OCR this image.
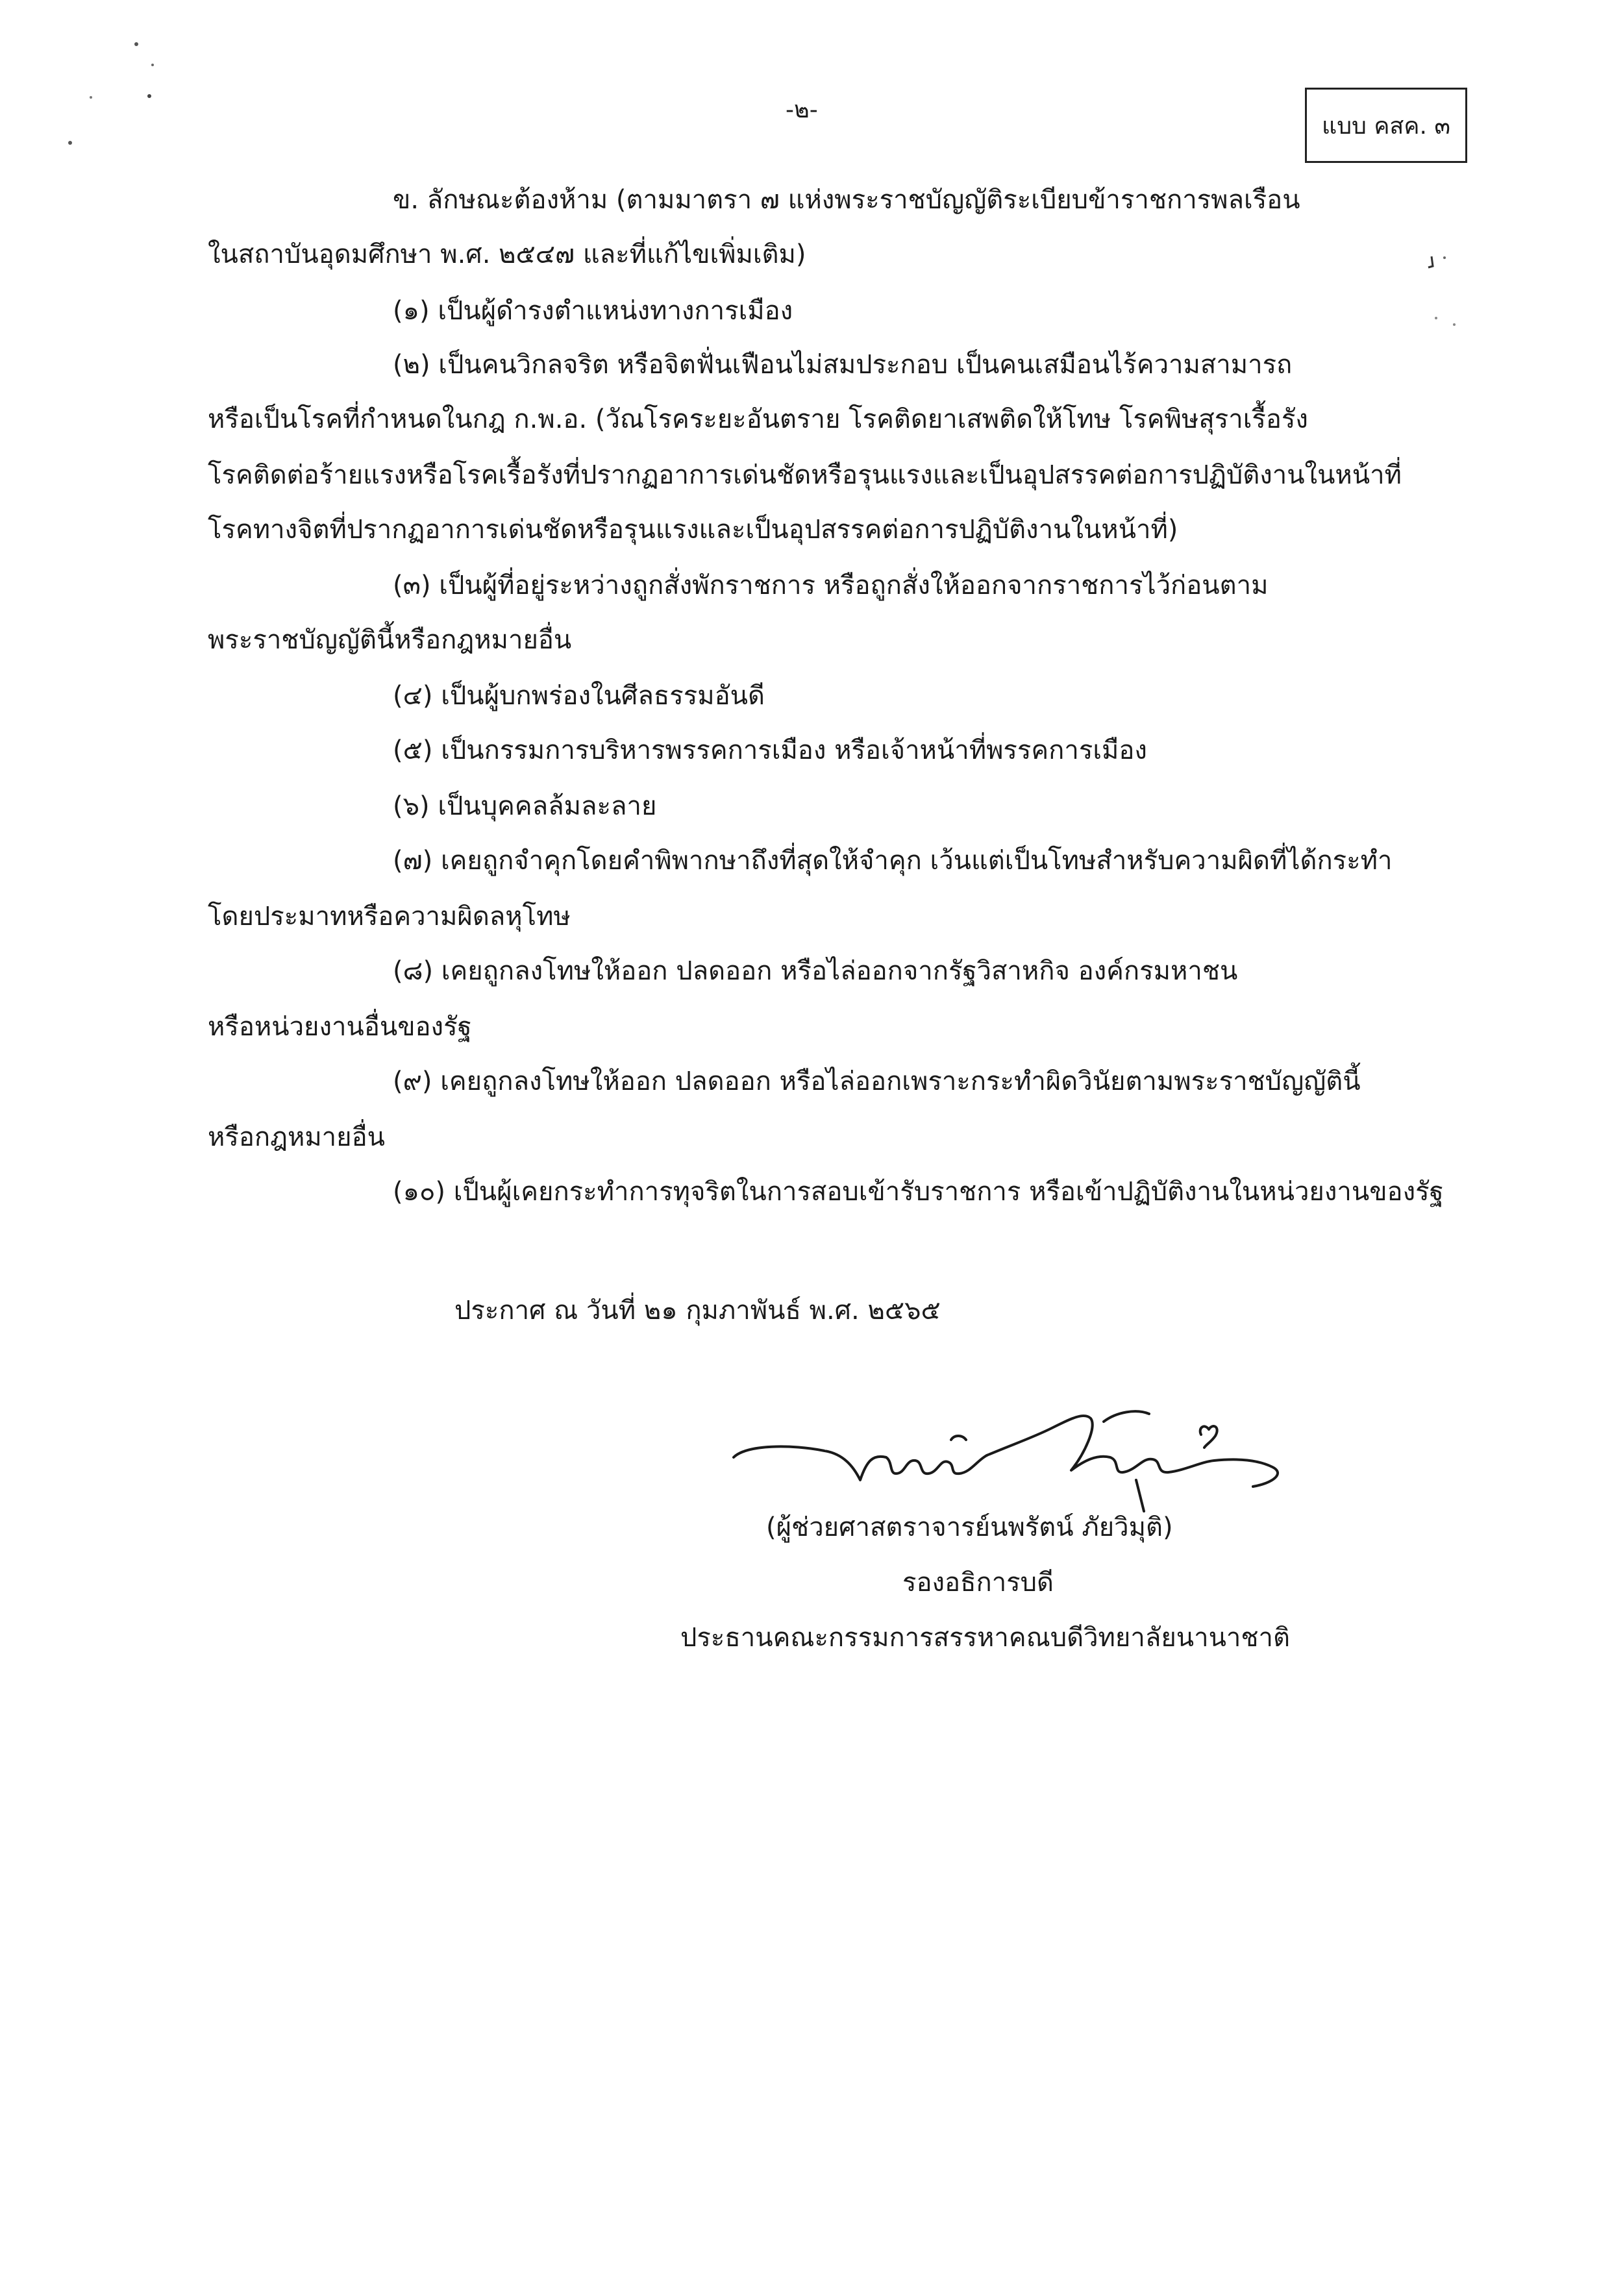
-๒-
แบบ คสค. ๓
ข. ลักษณะต้องห้าม (ตามมาตรา ๗ แห่งพระราชบัญญัติระเบียบข้าราชการพลเรือน
ในสถาบันอุดมศึกษา พ.ศ. ๒๕๔๗ และที่แก้ไขเพิ่มเติม)
(๑) เป็นผู้ดำรงตำแหน่งทางการเมือง
(๒) เป็นคนวิกลจริต หรือจิตฟั่นเฟือนไม่สมประกอบ เป็นคนเสมือนไร้ความสามารถ
หรือเป็นโรคที่กำหนดในกฎ ก.พ.อ. (วัณโรคระยะอันตราย โรคติดยาเสพติดให้โทษ โรคพิษสุราเรื้อรัง
โรคติดต่อร้ายแรงหรือโรคเรื้อรังที่ปรากฏอาการเด่นชัดหรือรุนแรงและเป็นอุปสรรคต่อการปฏิบัติงานในหน้าที่
โรคทางจิตที่ปรากฏอาการเด่นชัดหรือรุนแรงและเป็นอุปสรรคต่อการปฏิบัติงานในหน้าที่)
(๓) เป็นผู้ที่อยู่ระหว่างถูกสั่งพักราชการ หรือถูกสั่งให้ออกจากราชการไว้ก่อนตาม
พระราชบัญญัตินี้หรือกฎหมายอื่น
(๔) เป็นผู้บกพร่องในศีลธรรมอันดี
(๕) เป็นกรรมการบริหารพรรคการเมือง หรือเจ้าหน้าที่พรรคการเมือง
(๖) เป็นบุคคลล้มละลาย
(๗) เคยถูกจำคุกโดยคำพิพากษาถึงที่สุดให้จำคุก เว้นแต่เป็นโทษสำหรับความผิดที่ได้กระทำ
โดยประมาทหรือความผิดลหุโทษ
(๘) เคยถูกลงโทษให้ออก ปลดออก หรือไล่ออกจากรัฐวิสาหกิจ องค์กรมหาชน
หรือหน่วยงานอื่นของรัฐ
(๙) เคยถูกลงโทษให้ออก ปลดออก หรือไล่ออกเพราะกระทำผิดวินัยตามพระราชบัญญัตินี้
หรือกฎหมายอื่น
(๑๐) เป็นผู้เคยกระทำการทุจริตในการสอบเข้ารับราชการ หรือเข้าปฏิบัติงานในหน่วยงานของรัฐ
ประกาศ ณ วันที่ ๒๑ กุมภาพันธ์ พ.ศ. ๒๕๖๕
(ผู้ช่วยศาสตราจารย์นพรัตน์ ภัยวิมุติ)
รองอธิการบดี
ประธานคณะกรรมการสรรหาคณบดีวิทยาลัยนานาชาติ
